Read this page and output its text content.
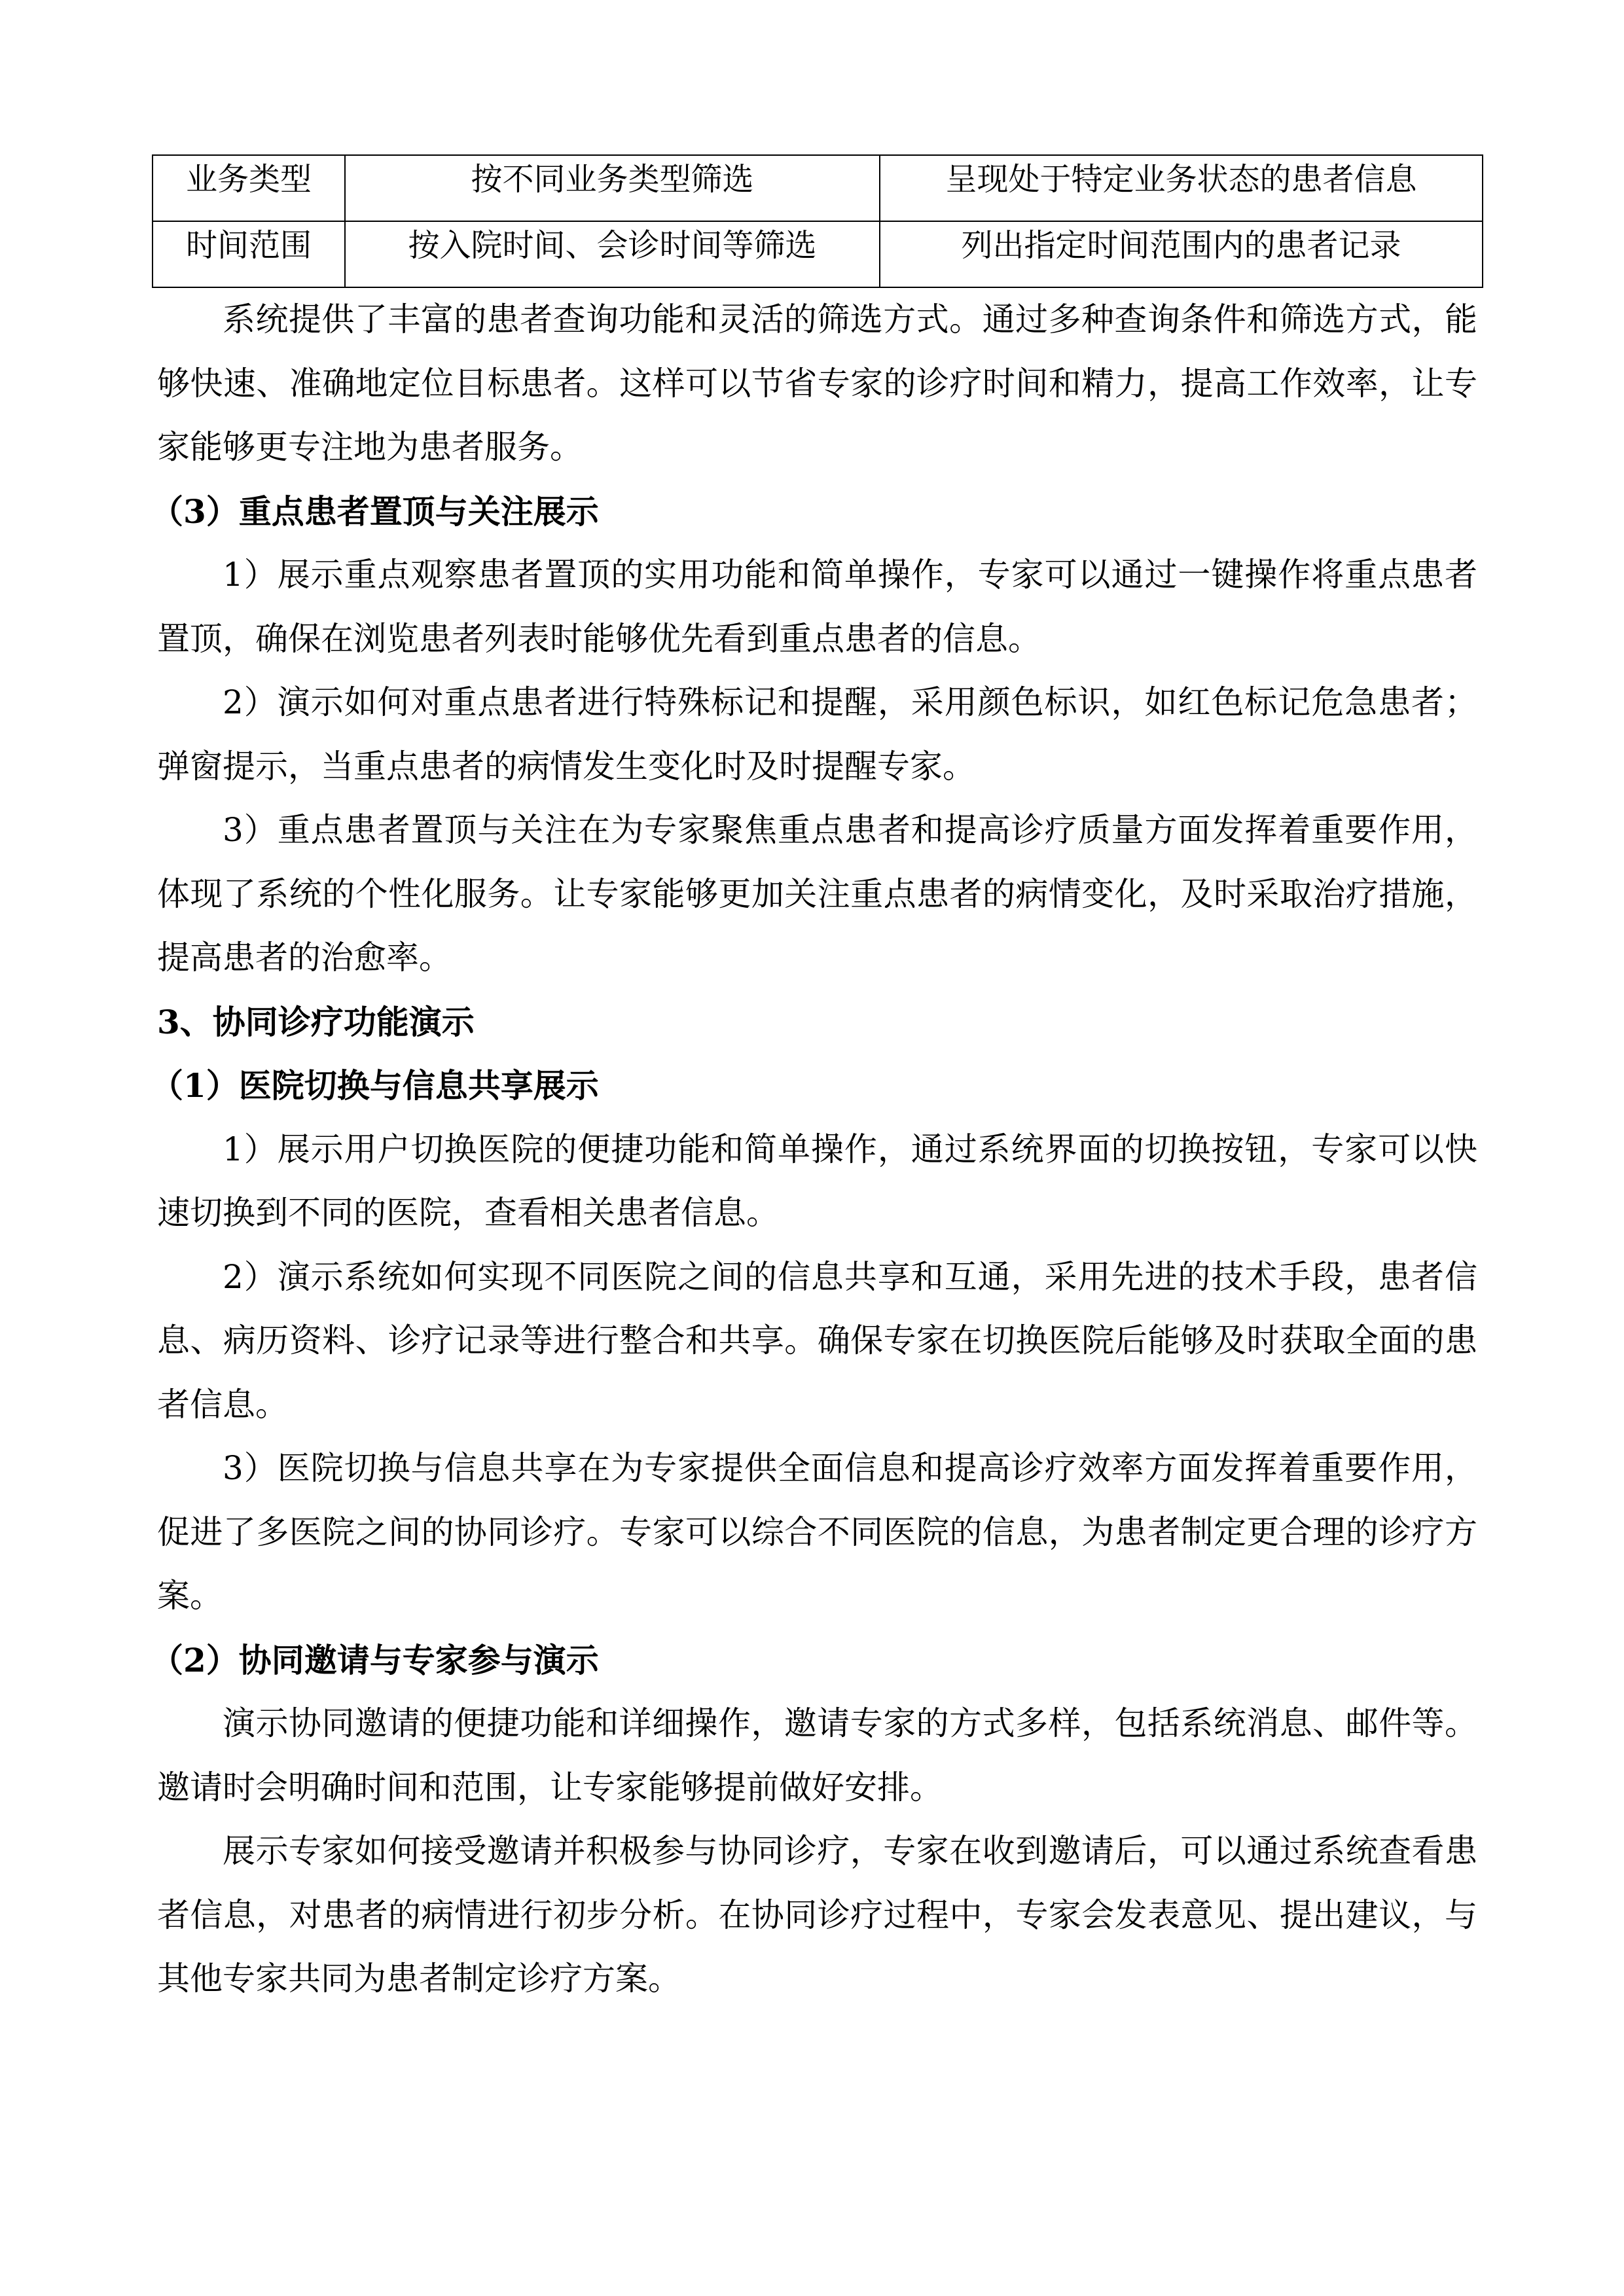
业务类型	按不同业务类型筛选	呈现处于特定业务状态的患者信息
时间范围	按入院时间、会诊时间等筛选	列出指定时间范围内的患者记录

系统提供了丰富的患者查询功能和灵活的筛选方式。通过多种查询条件和筛选方式，能够快速、准确地定位目标患者。这样可以节省专家的诊疗时间和精力，提高工作效率，让专家能够更专注地为患者服务。

（3）重点患者置顶与关注展示

1）展示重点观察患者置顶的实用功能和简单操作，专家可以通过一键操作将重点患者置顶，确保在浏览患者列表时能够优先看到重点患者的信息。

2）演示如何对重点患者进行特殊标记和提醒，采用颜色标识，如红色标记危急患者；弹窗提示，当重点患者的病情发生变化时及时提醒专家。

3）重点患者置顶与关注在为专家聚焦重点患者和提高诊疗质量方面发挥着重要作用，体现了系统的个性化服务。让专家能够更加关注重点患者的病情变化，及时采取治疗措施，提高患者的治愈率。

3、协同诊疗功能演示

（1）医院切换与信息共享展示

1）展示用户切换医院的便捷功能和简单操作，通过系统界面的切换按钮，专家可以快速切换到不同的医院，查看相关患者信息。

2）演示系统如何实现不同医院之间的信息共享和互通，采用先进的技术手段，患者信息、病历资料、诊疗记录等进行整合和共享。确保专家在切换医院后能够及时获取全面的患者信息。

3）医院切换与信息共享在为专家提供全面信息和提高诊疗效率方面发挥着重要作用，促进了多医院之间的协同诊疗。专家可以综合不同医院的信息，为患者制定更合理的诊疗方案。

（2）协同邀请与专家参与演示

演示协同邀请的便捷功能和详细操作，邀请专家的方式多样，包括系统消息、邮件等。邀请时会明确时间和范围，让专家能够提前做好安排。

展示专家如何接受邀请并积极参与协同诊疗，专家在收到邀请后，可以通过系统查看患者信息，对患者的病情进行初步分析。在协同诊疗过程中，专家会发表意见、提出建议，与其他专家共同为患者制定诊疗方案。
